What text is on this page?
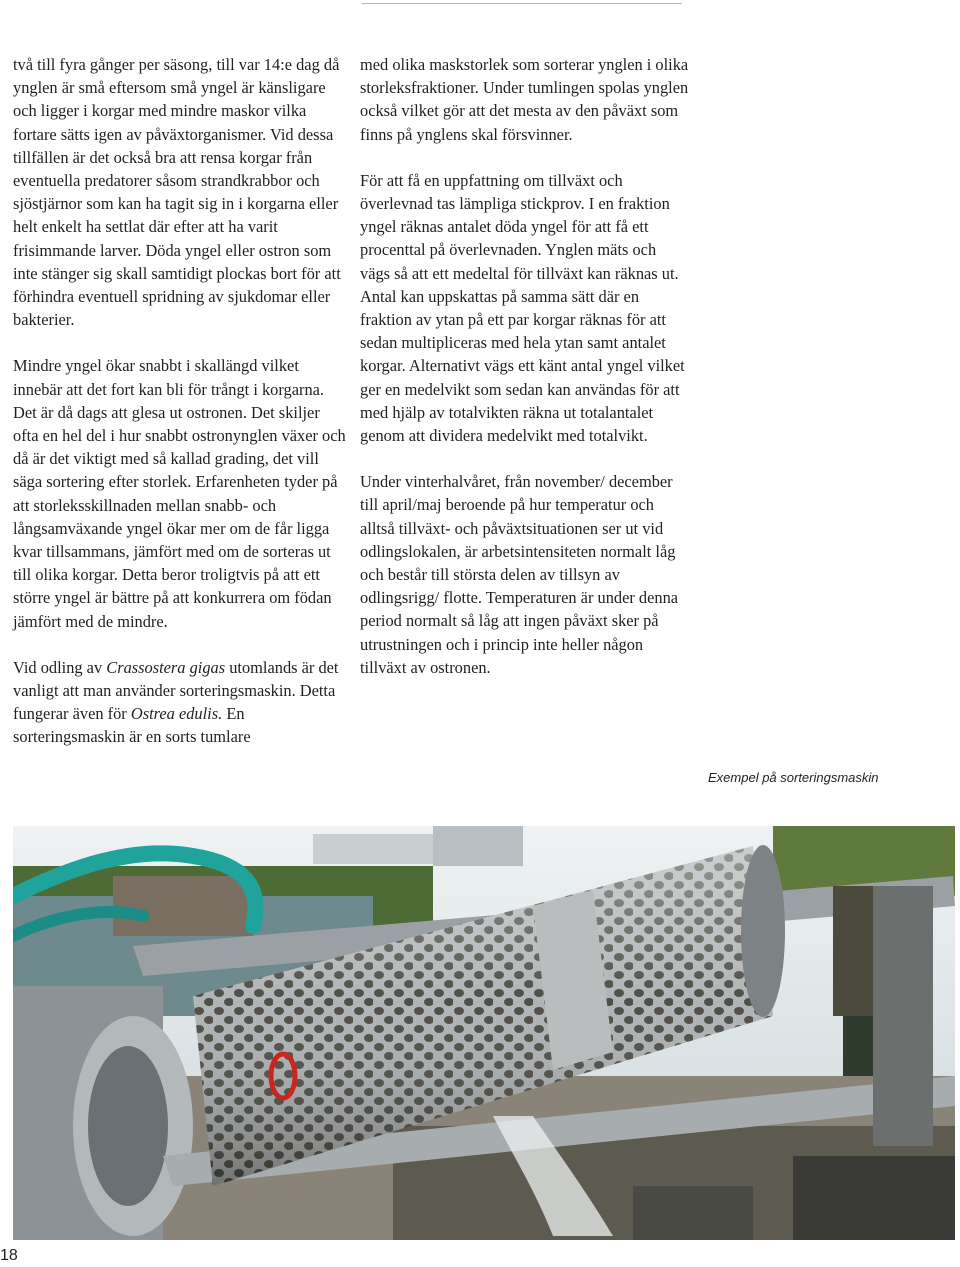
två till fyra gånger per säsong, till var 14:e dag då ynglen är små eftersom små yngel är känsligare och ligger i korgar med mindre maskor vilka fortare sätts igen av påväxtorganismer. Vid dessa tillfällen är det också bra att rensa korgar från eventuella predatorer såsom strandkrabbor och sjöstjärnor som kan ha tagit sig in i korgarna eller helt enkelt ha settlat där efter att ha varit frisimmande larver. Döda yngel eller ostron som inte stänger sig skall samtidigt plockas bort för att förhindra eventuell spridning av sjukdomar eller bakterier.

Mindre yngel ökar snabbt i skallängd vilket innebär att det fort kan bli för trångt i korgarna. Det är då dags att glesa ut ostronen. Det skiljer ofta en hel del i hur snabbt ostronynglen växer och då är det viktigt med så kallad grading, det vill säga sortering efter storlek. Erfarenheten tyder på att storleksskillnaden mellan snabb- och långsamväxande yngel ökar mer om de får ligga kvar tillsammans, jämfört med om de sorteras ut till olika korgar. Detta beror troligtvis på att ett större yngel är bättre på att konkurrera om födan jämfört med de mindre.

Vid odling av Crassostera gigas utomlands är det vanligt att man använder sorteringsmaskin. Detta fungerar även för Ostrea edulis. En sorteringsmaskin är en sorts tumlare

med olika maskstorlek som sorterar ynglen i olika storleksfraktioner. Under tumlingen spolas ynglen också vilket gör att det mesta av den påväxt som finns på ynglens skal försvinner.

För att få en uppfattning om tillväxt och överlevnad tas lämpliga stickprov. I en fraktion yngel räknas antalet döda yngel för att få ett procenttal på överlevnaden. Ynglen mäts och vägs så att ett medeltal för tillväxt kan räknas ut. Antal kan uppskattas på samma sätt där en fraktion av ytan på ett par korgar räknas för att sedan multipliceras med hela ytan samt antalet korgar. Alternativt vägs ett känt antal yngel vilket ger en medelvikt som sedan kan användas för att med hjälp av totalvikten räkna ut totalantalet genom att dividera medelvikt med totalvikt.

Under vinterhalvåret, från november/ december till april/maj beroende på hur temperatur och alltså tillväxt- och påväxtsituationen ser ut vid odlingslokalen, är arbetsintensiteten normalt låg och består till största delen av tillsyn av odlingsrigg/ flotte. Temperaturen är under denna period normalt så låg att ingen påväxt sker på utrustningen och i princip inte heller någon tillväxt av ostronen.

Exempel på sorteringsmaskin
18
